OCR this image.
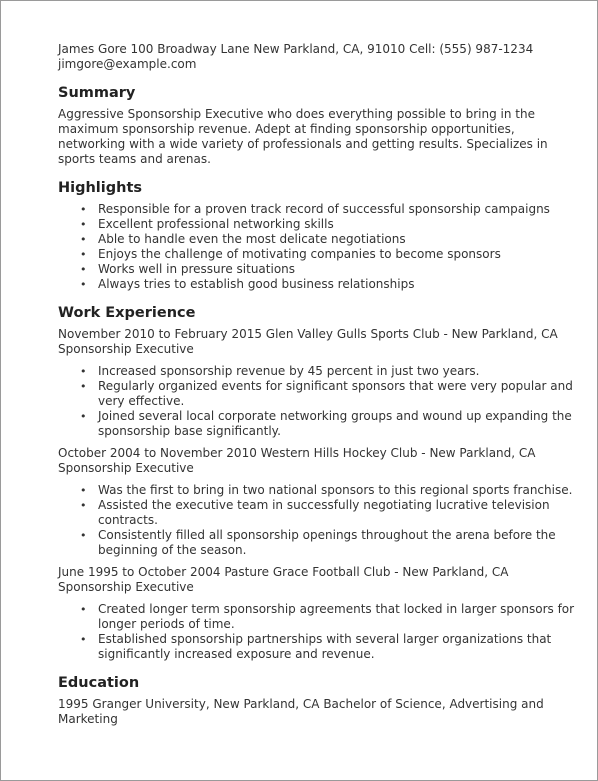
James Gore 100 Broadway Lane New Parkland, CA, 91010 Cell: (555) 987-1234

jimgore@example.com

Summary

Aggressive Sponsorship Executive who does everything possible to bring in the maximum sponsorship revenue. Adept at finding sponsorship opportunities, networking with a wide variety of professionals and getting results. Specializes in sports teams and arenas.

Highlights
• Responsible for a proven track record of successful sponsorship campaigns
• Excellent professional networking skills
• Able to handle even the most delicate negotiations
• Enjoys the challenge of motivating companies to become sponsors
• Works well in pressure situations
• Always tries to establish good business relationships
Work Experience

November 2010 to February 2015 Glen Valley Gulls Sports Club - New Parkland, CA Sponsorship Executive

• Increased sponsorship revenue by 45 percent in just two years.
• Regularly organized events for significant sponsors that were very popular and very effective.
• Joined several local corporate networking groups and wound up expanding the sponsorship base significantly.

October 2004 to November 2010 Western Hills Hockey Club - New Parkland, CA Sponsorship Executive

• Was the first to bring in two national sponsors to this regional sports franchise.
• Assisted the executive team in successfully negotiating lucrative television contracts.
• Consistently filled all sponsorship openings throughout the arena before the beginning of the season.

June 1995 to October 2004 Pasture Grace Football Club - New Parkland, CA Sponsorship Executive

• Created longer term sponsorship agreements that locked in larger sponsors for longer periods of time.
• Established sponsorship partnerships with several larger organizations that significantly increased exposure and revenue.
Education

1995 Granger University, New Parkland, CA Bachelor of Science, Advertising and Marketing
